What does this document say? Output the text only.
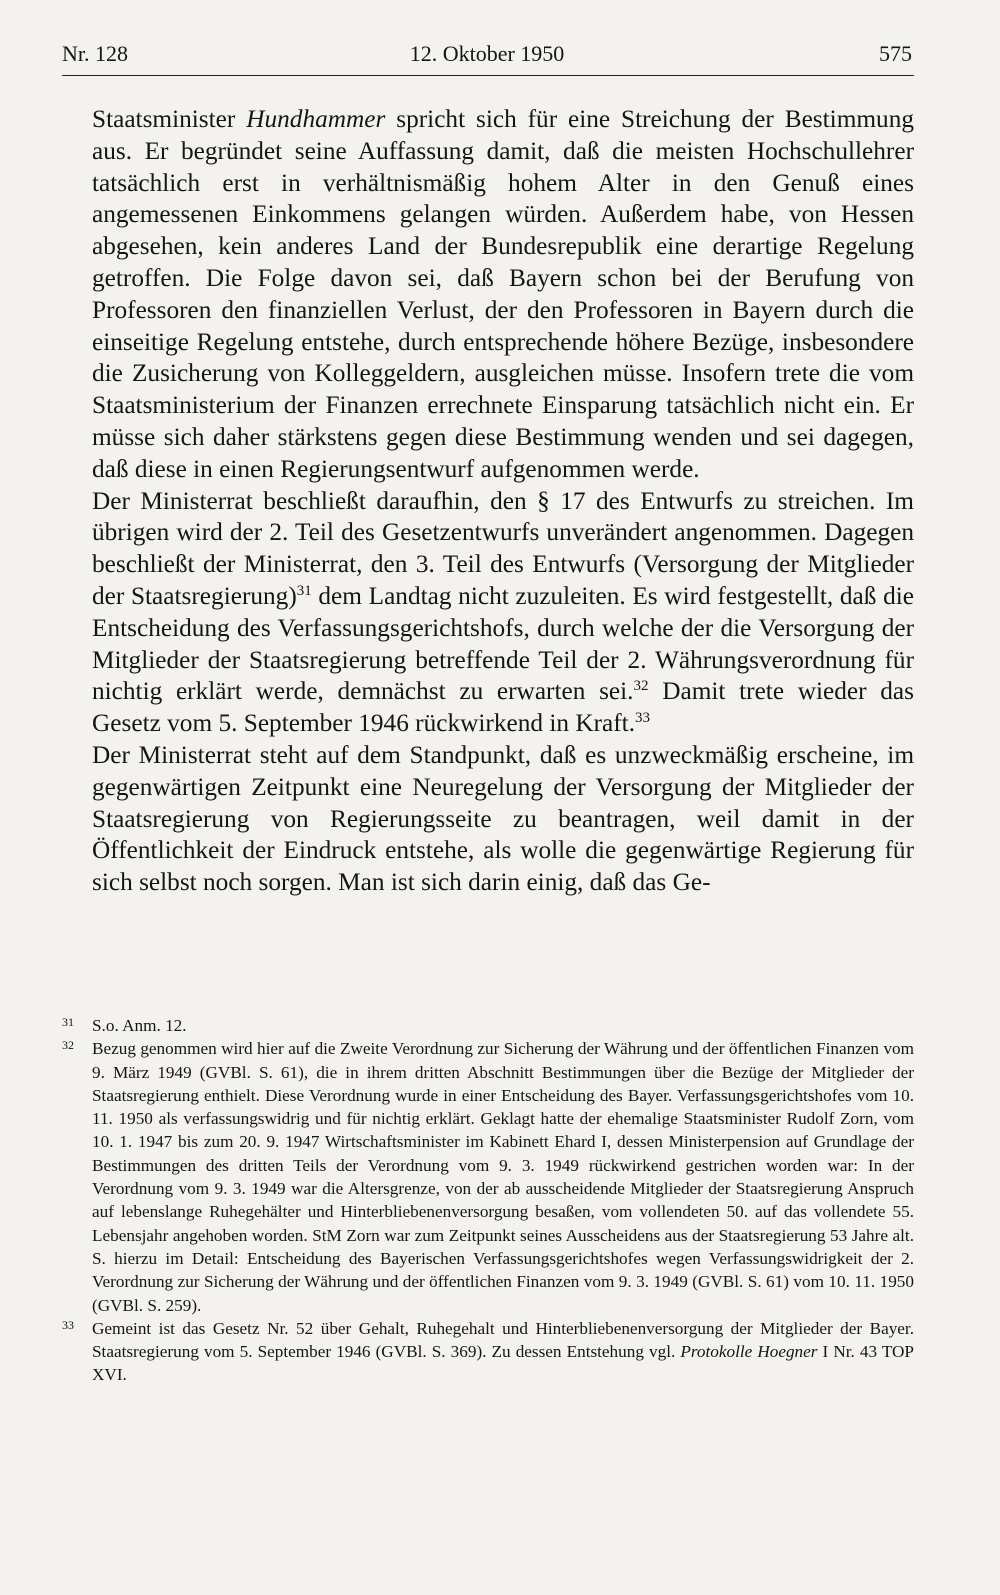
Nr. 128	12. Oktober 1950	575

Staatsminister Hundhammer spricht sich für eine Streichung der Bestimmung aus. Er begründet seine Auffassung damit, daß die meisten Hochschullehrer tatsächlich erst in verhältnismäßig hohem Alter in den Genuß eines angemessenen Einkommens gelangen würden. Außerdem habe, von Hessen abgesehen, kein anderes Land der Bundesrepublik eine derartige Regelung getroffen. Die Folge davon sei, daß Bayern schon bei der Berufung von Professoren den finanziellen Verlust, der den Professoren in Bayern durch die einseitige Regelung entstehe, durch entsprechende höhere Bezüge, insbesondere die Zusicherung von Kolleggeldern, ausgleichen müsse. Insofern trete die vom Staatsministerium der Finanzen errechnete Einsparung tatsächlich nicht ein. Er müsse sich daher stärkstens gegen diese Bestimmung wenden und sei dagegen, daß diese in einen Regierungsentwurf aufgenommen werde.

Der Ministerrat beschließt daraufhin, den § 17 des Entwurfs zu streichen. Im übrigen wird der 2. Teil des Gesetzentwurfs unverändert angenommen. Dagegen beschließt der Ministerrat, den 3. Teil des Entwurfs (Versorgung der Mitglieder der Staatsregierung)$^{31}$ dem Landtag nicht zuzuleiten. Es wird festgestellt, daß die Entscheidung des Verfassungsgerichtshofs, durch welche der die Versorgung der Mitglieder der Staatsregierung betreffende Teil der 2. Währungsverordnung für nichtig erklärt werde, demnächst zu erwarten sei.$^{32}$ Damit trete wieder das Gesetz vom 5. September 1946 rückwirkend in Kraft.$^{33}$

Der Ministerrat steht auf dem Standpunkt, daß es unzweckmäßig erscheine, im gegenwärtigen Zeitpunkt eine Neuregelung der Versorgung der Mitglieder der Staatsregierung von Regierungsseite zu beantragen, weil damit in der Öffentlichkeit der Eindruck entstehe, als wolle die gegenwärtige Regierung für sich selbst noch sorgen. Man ist sich darin einig, daß das Ge-

31 S.o. Anm. 12.

32 Bezug genommen wird hier auf die Zweite Verordnung zur Sicherung der Währung und der öffentlichen Finanzen vom 9. März 1949 (GVBl. S. 61), die in ihrem dritten Abschnitt Bestimmungen über die Bezüge der Mitglieder der Staatsregierung enthielt. Diese Verordnung wurde in einer Entscheidung des Bayer. Verfassungsgerichtshofes vom 10. 11. 1950 als verfassungswidrig und für nichtig erklärt. Geklagt hatte der ehemalige Staatsminister Rudolf Zorn, vom 10. 1. 1947 bis zum 20. 9. 1947 Wirtschaftsminister im Kabinett Ehard I, dessen Ministerpension auf Grundlage der Bestimmungen des dritten Teils der Verordnung vom 9. 3. 1949 rückwirkend gestrichen worden war: In der Verordnung vom 9. 3. 1949 war die Altersgrenze, von der ab ausscheidende Mitglieder der Staatsregierung Anspruch auf lebenslange Ruhegehälter und Hinterbliebenenversorgung besaßen, vom vollendeten 50. auf das vollendete 55. Lebensjahr angehoben worden. StM Zorn war zum Zeitpunkt seines Ausscheidens aus der Staatsregierung 53 Jahre alt. S. hierzu im Detail: Entscheidung des Bayerischen Verfassungsgerichtshofes wegen Verfassungswidrigkeit der 2. Verordnung zur Sicherung der Währung und der öffentlichen Finanzen vom 9. 3. 1949 (GVBl. S. 61) vom 10. 11. 1950 (GVBl. S. 259).

33 Gemeint ist das Gesetz Nr. 52 über Gehalt, Ruhegehalt und Hinterbliebenenversorgung der Mitglieder der Bayer. Staatsregierung vom 5. September 1946 (GVBl. S. 369). Zu dessen Entstehung vgl. Protokolle Hoegner I Nr. 43 TOP XVI.
